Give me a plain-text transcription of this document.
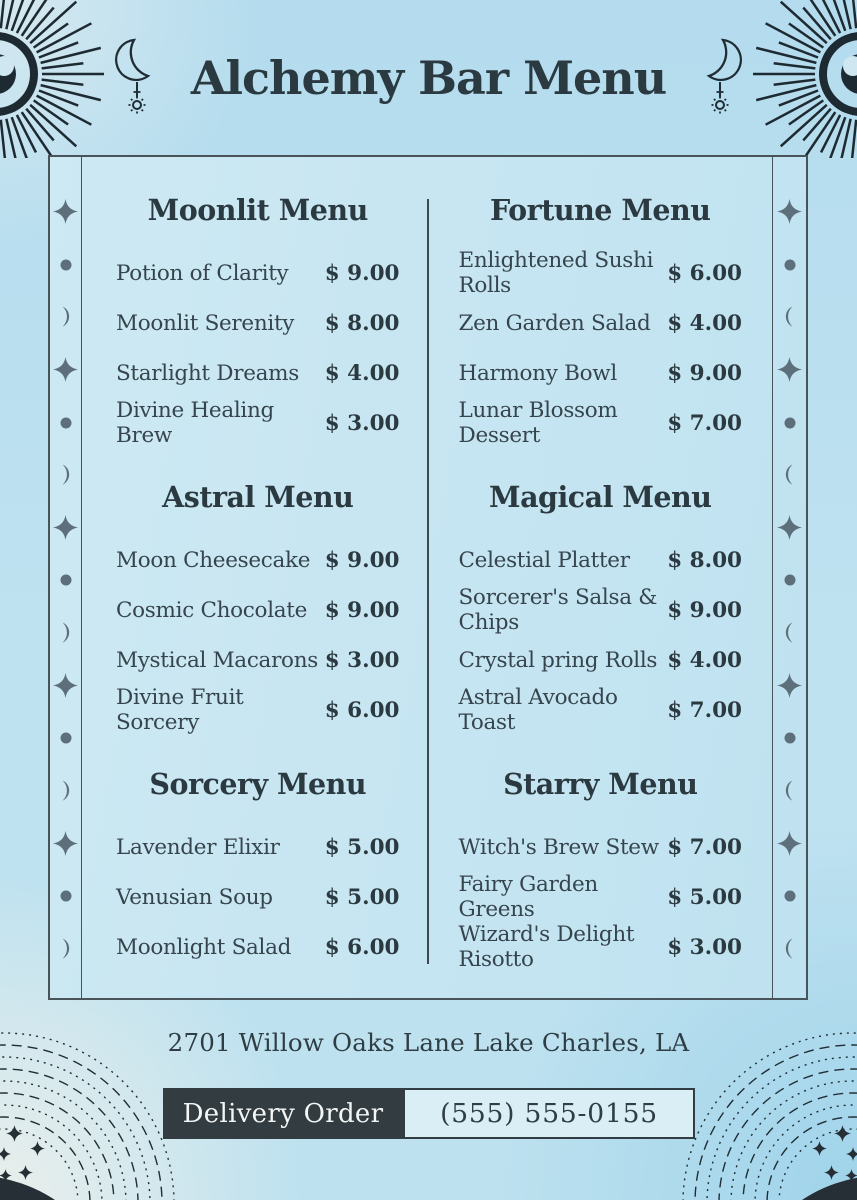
Alchemy Bar Menu
Moonlit Menu
Potion of Clarity $ 9.00
Moonlit Serenity $ 8.00
Starlight Dreams $ 4.00
Divine Healing Brew	$ 3.00
Astral Menu
Moon Cheesecake $ 9.00
Cosmic Chocolate $ 9.00
Mystical Macarons $ 3.00
Divine Fruit Sorcery	$ 6.00
Sorcery Menu
Lavender Elixir $ 5.00
Venusian Soup $ 5.00
Moonlight Salad $ 6.00
Fortune Menu
Enlightened Sushi Rolls	$ 6.00
Zen Garden Salad $ 4.00
Harmony Bowl $ 9.00
Lunar Blossom Dessert	$ 7.00
Magical Menu
Celestial Platter $ 8.00
Sorcerer's Salsa & Chips	$ 9.00
Crystal pring Rolls $ 4.00
Astral Avocado Toast	$ 7.00
Starry Menu
Witch's Brew Stew $ 7.00
Fairy Garden Greens	$ 5.00
Wizard's Delight Risotto	$ 3.00
2701 Willow Oaks Lane Lake Charles, LA
Delivery Order	(555) 555-0155
